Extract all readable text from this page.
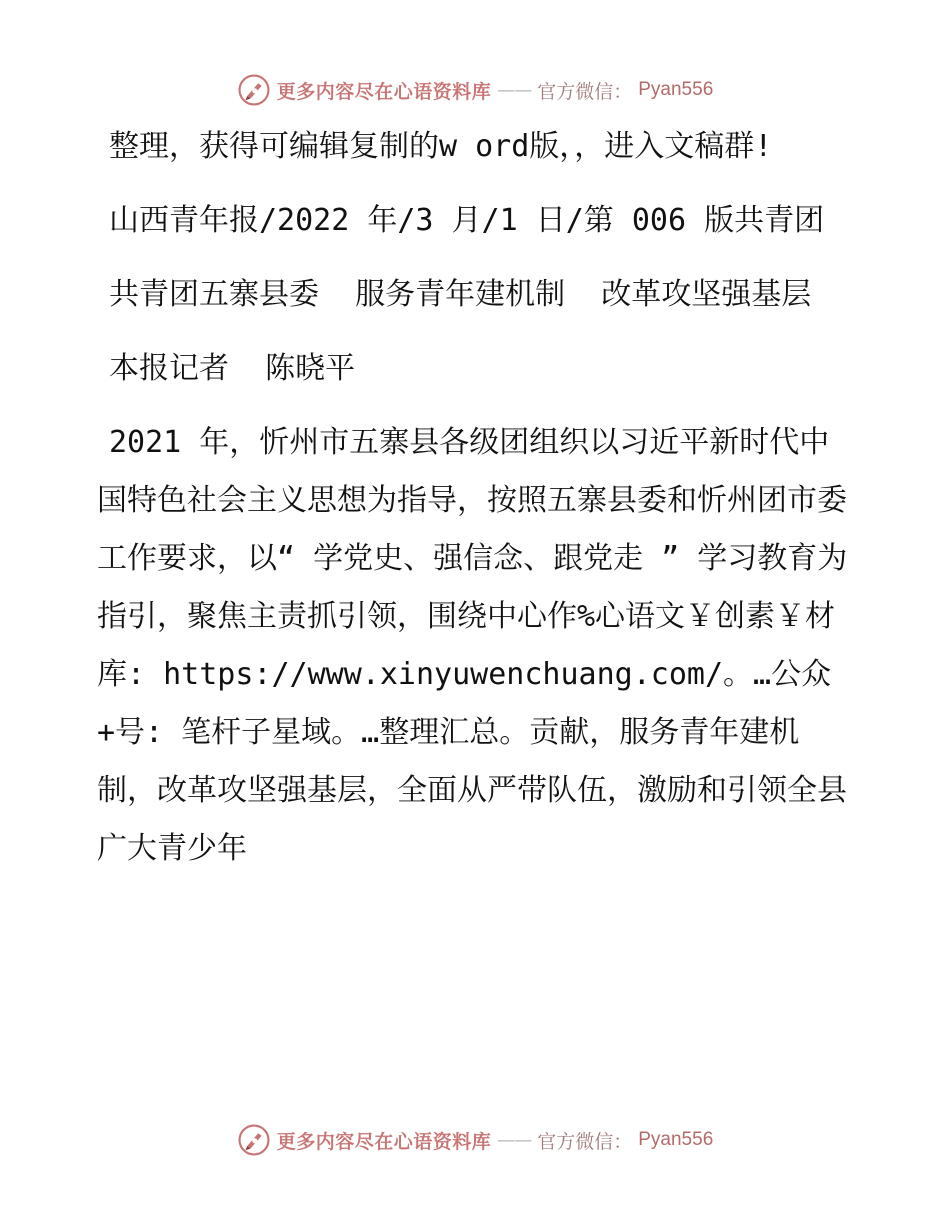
更多内容尽在心语资料库 —— 官方微信： Pyan556

整理，获得可编辑复制的w ord版，，进入文稿群!

山西青年报/2022 年/3 月/1 日/第 006 版共青团

共青团五寨县委  服务青年建机制  改革攻坚强基层

本报记者  陈晓平

2021 年，忻州市五寨县各级团组织以习近平新时代中国特色社会主义思想为指导，按照五寨县委和忻州团市委工作要求，以“ 学党史、强信念、跟党走 ” 学习教育为指引，聚焦主责抓引领，围绕中心作%心语文￥创素￥材库: https://www.xinyuwenchuang.com/。…公众+号: 笔杆子星域。…整理汇总。贡献，服务青年建机制，改革攻坚强基层，全面从严带队伍，激励和引领全县广大青少年

更多内容尽在心语资料库 —— 官方微信： Pyan556
